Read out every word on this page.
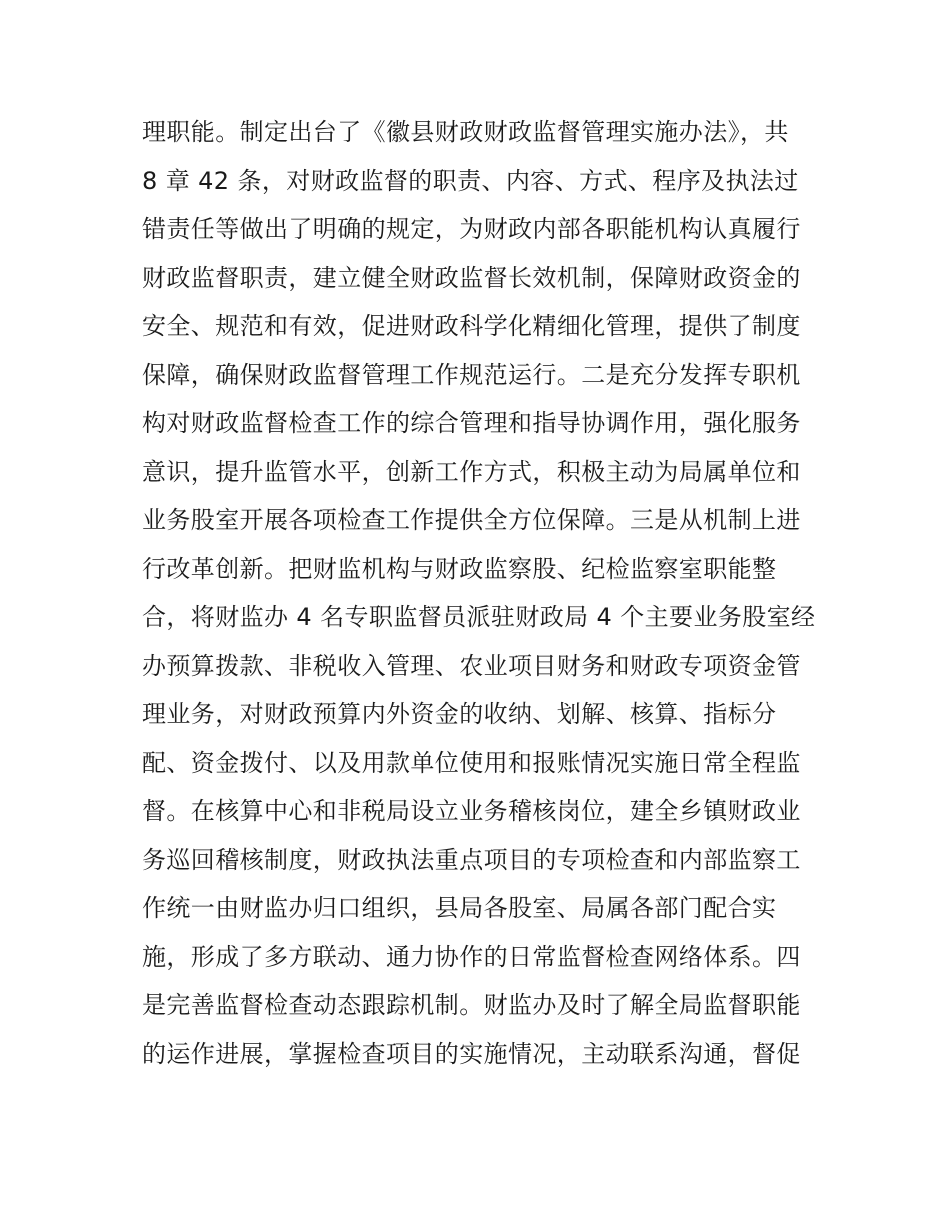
理职能。制定出台了《徽县财政财政监督管理实施办法》，共
8 章 42 条，对财政监督的职责、内容、方式、程序及执法过
错责任等做出了明确的规定，为财政内部各职能机构认真履行
财政监督职责，建立健全财政监督长效机制，保障财政资金的
安全、规范和有效，促进财政科学化精细化管理，提供了制度
保障，确保财政监督管理工作规范运行。二是充分发挥专职机
构对财政监督检查工作的综合管理和指导协调作用，强化服务
意识，提升监管水平，创新工作方式，积极主动为局属单位和
业务股室开展各项检查工作提供全方位保障。三是从机制上进
行改革创新。把财监机构与财政监察股、纪检监察室职能整
合，将财监办 4 名专职监督员派驻财政局 4 个主要业务股室经
办预算拨款、非税收入管理、农业项目财务和财政专项资金管
理业务，对财政预算内外资金的收纳、划解、核算、指标分
配、资金拨付、以及用款单位使用和报账情况实施日常全程监
督。在核算中心和非税局设立业务稽核岗位，建全乡镇财政业
务巡回稽核制度，财政执法重点项目的专项检查和内部监察工
作统一由财监办归口组织，县局各股室、局属各部门配合实
施，形成了多方联动、通力协作的日常监督检查网络体系。四
是完善监督检查动态跟踪机制。财监办及时了解全局监督职能
的运作进展，掌握检查项目的实施情况，主动联系沟通，督促
